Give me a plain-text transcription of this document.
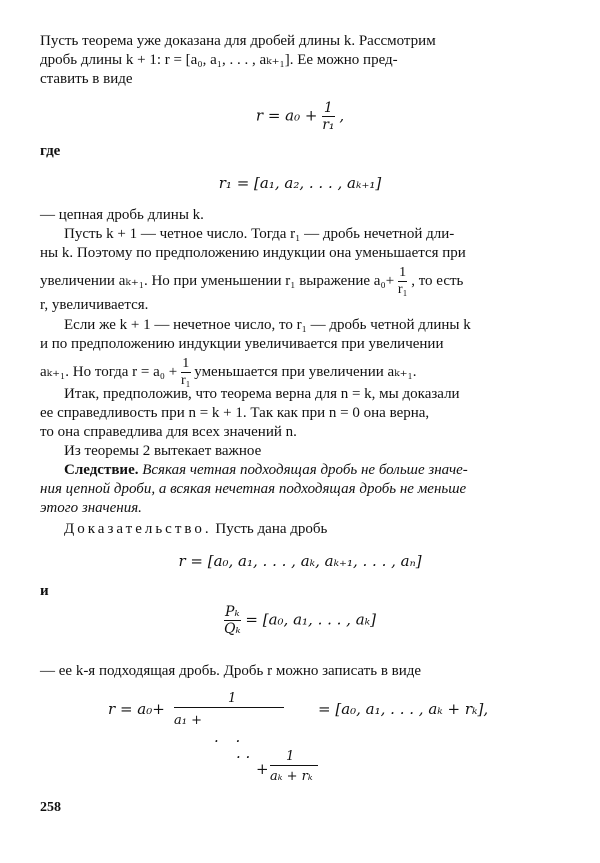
Пусть теорема уже доказана для дробей длины k. Рассмотрим
дробь длины k + 1: r = [a₀, a₁, . . . , aₖ₊₁]. Ее можно пред-
ставить в виде
$r = a_0 + \frac{1}{\text{r₁}}$ ,
где
r₁ = [a₁, a₂, . . . , aₖ₊₁]
— цепная дробь длины k.
Пусть k + 1 — четное число. Тогда r₁ — дробь нечетной дли-
ны k. Поэтому по предположению индукции она уменьшается при
увеличении aₖ₊₁. Но при уменьшении r₁ выражение $a_0+ \frac{1}{\text{r₁}}$ , то есть
r, увеличивается.
Если же k + 1 — нечетное число, то r₁ — дробь четной длины k
и по предположению индукции увеличивается при увеличении
aₖ₊₁. Но тогда $r = a_0 + \frac{1}{\text{r₁}}$ уменьшается при увеличении aₖ₊₁.
Итак, предположив, что теорема верна для n = k, мы доказали
ее справедливость при n = k + 1. Так как при n = 0 она верна,
то она справедлива для всех значений n.
Из теоремы 2 вытекает важное
Следствие. Всякая четная подходящая дробь не больше значе-
ния цепной дроби, а всякая нечетная подходящая дробь не меньше
этого значения.
Доказательство. Пусть дана дробь
r = [a₀, a₁, . . . , aₖ, aₖ₊₁, . . . , aₙ]
и
$\frac{\text{Pₖ}}{\text{Qₖ}} = [a_0$, a₁, . . . , aₖ]
— ее k-я подходящая дробь. Дробь r можно записать в виде
r = a₀+
1
a₁ +
. .
. .
+
1
aₖ + rₖ
= [a₀, a₁, . . . , aₖ + rₖ],
258
